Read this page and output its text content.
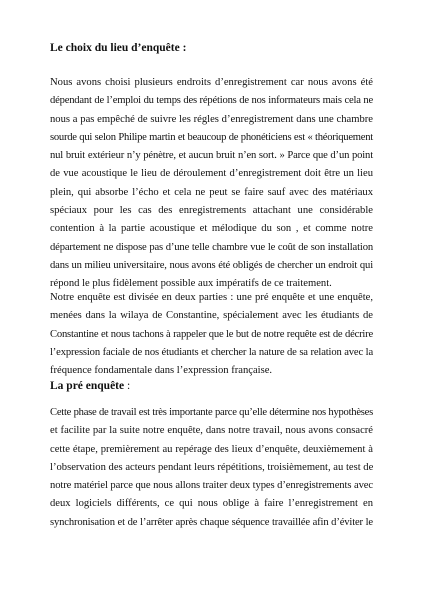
Le choix du lieu d’enquête :
Nous avons choisi plusieurs endroits d’enregistrement car nous avons été
dépendant de l’emploi du temps des répétions de nos informateurs mais cela ne
nous a pas empêché de suivre les régles d’enregistrement dans une chambre
sourde qui selon Philipe martin et beaucoup de phonéticiens est « théoriquement
nul bruit extérieur n’y pénètre, et aucun bruit n’en sort. » Parce que d’un point
de vue acoustique le lieu de déroulement d’enregistrement doit être un lieu
plein, qui absorbe l’écho et cela ne peut se faire sauf avec des matériaux
spéciaux pour les cas des enregistrements attachant une considérable
contention à la partie acoustique et mélodique du son , et comme notre
département ne dispose pas d’une telle chambre vue le coût de son installation
dans un milieu universitaire, nous avons été obligés de chercher un endroit qui
répond le plus fidèlement possible aux impératifs de ce traitement.
Notre enquête est divisée en deux parties : une pré enquête et une enquête,
menées dans la wilaya de Constantine, spécialement avec les étudiants de
Constantine et nous tachons à rappeler que le but de notre requête est de décrire
l’expression faciale de nos étudiants et chercher la nature de sa relation avec la
fréquence fondamentale dans l’expression française.
La pré enquête :
Cette phase de travail est très importante parce qu’elle détermine nos hypothèses
et facilite par la suite notre enquête, dans notre travail, nous avons consacré
cette étape, premièrement au repérage des lieux d’enquête, deuxièmement à
l’observation des acteurs pendant leurs répétitions, troisièmement, au test de
notre matériel parce que nous allons traiter deux types d’enregistrements avec
deux logiciels différents, ce qui nous oblige à faire l’enregistrement en
synchronisation et de l’arrêter après chaque séquence travaillée afin d’éviter le
